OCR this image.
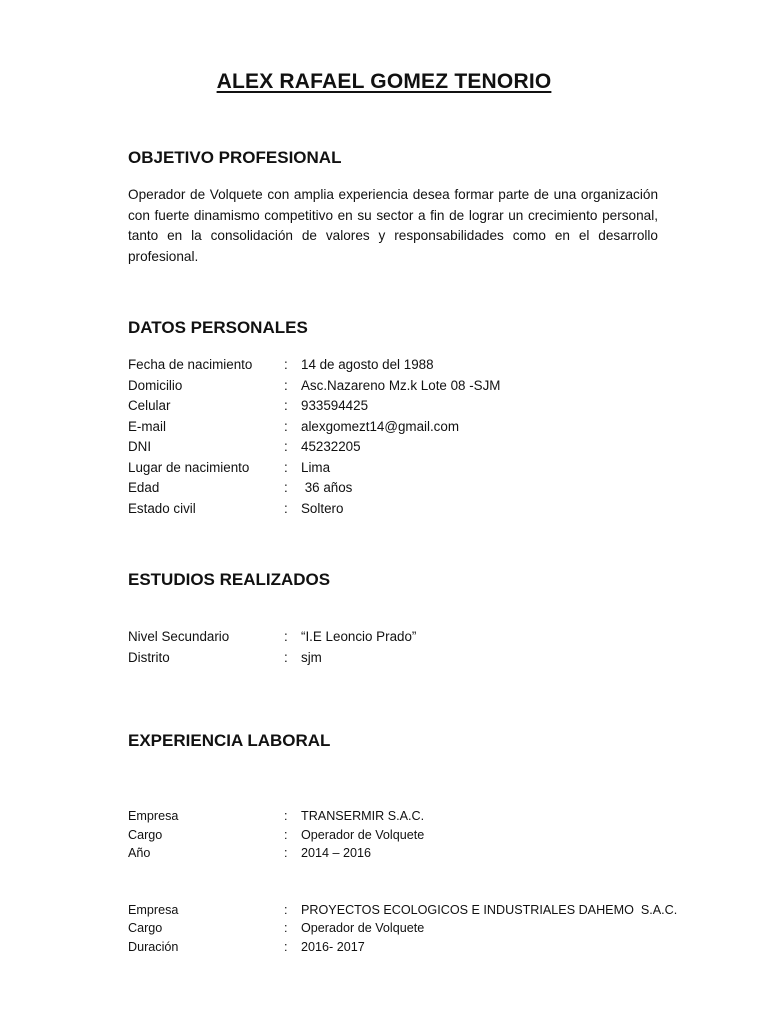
ALEX RAFAEL GOMEZ TENORIO
OBJETIVO PROFESIONAL

Operador de Volquete con amplia experiencia desea formar parte de una organización con fuerte dinamismo competitivo en su sector a fin de lograr un crecimiento personal, tanto en la consolidación de valores y responsabilidades como en el desarrollo profesional.

DATOS PERSONALES
Fecha de nacimiento : 14 de agosto del 1988
Domicilio	: Asc.Nazareno Mz.k Lote 08 -SJM
Celular	: 933594425
E-mail	: alexgomezt14@gmail.com
DNI	: 45232205
Lugar de nacimiento	: Lima
Edad	: 36 años
Estado civil	: Soltero
ESTUDIOS REALIZADOS
Nivel Secundario	: “I.E Leoncio Prado”
Distrito	: sjm
EXPERIENCIA LABORAL
Empresa	: TRANSERMIR S.A.C.
Cargo	: Operador de Volquete
Año	: 2014 – 2016
Empresa	: PROYECTOS ECOLOGICOS E INDUSTRIALES DAHEMO  S.A.C.
Cargo	: Operador de Volquete
Duración	: 2016- 2017
